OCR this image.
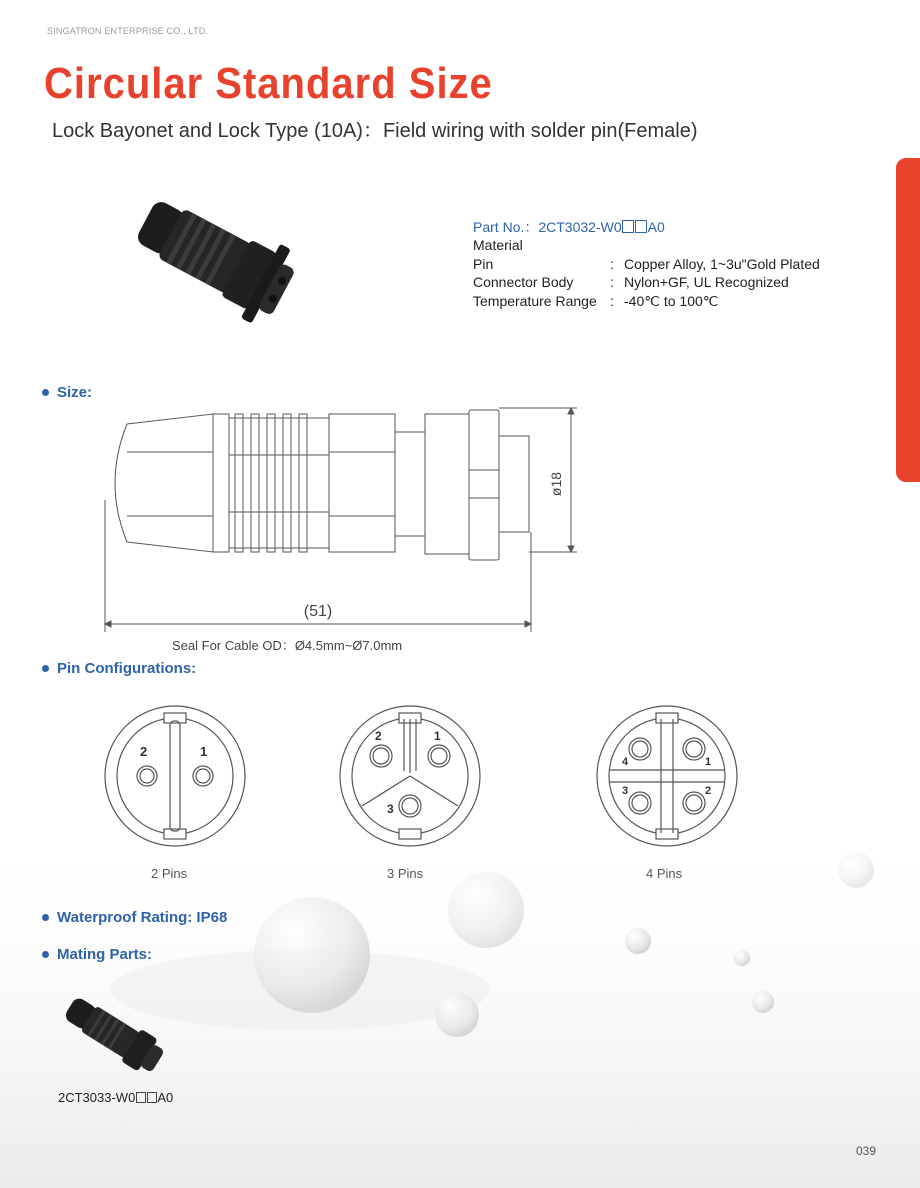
SINGATRON ENTERPRISE CO., LTD.
Circular Standard Size
Lock Bayonet and Lock Type (10A)：Field wiring with solder pin(Female)
Part No.：2CT3032-W0 A0
Material
Pin	: Copper Alloy, 1~3u"Gold Plated
Connector Body	: Nylon+GF, UL Recognized
Temperature Range : -40℃ to 100℃
Size:
ø18
(51)
Seal For Cable OD：Ø4.5mm~Ø7.0mm
Pin Configurations:
2	1
2	1
3
4	1
3	2
2 Pins	3 Pins	4 Pins
Waterproof Rating: IP68
Mating Parts:
2CT3033-W0 A0
039
